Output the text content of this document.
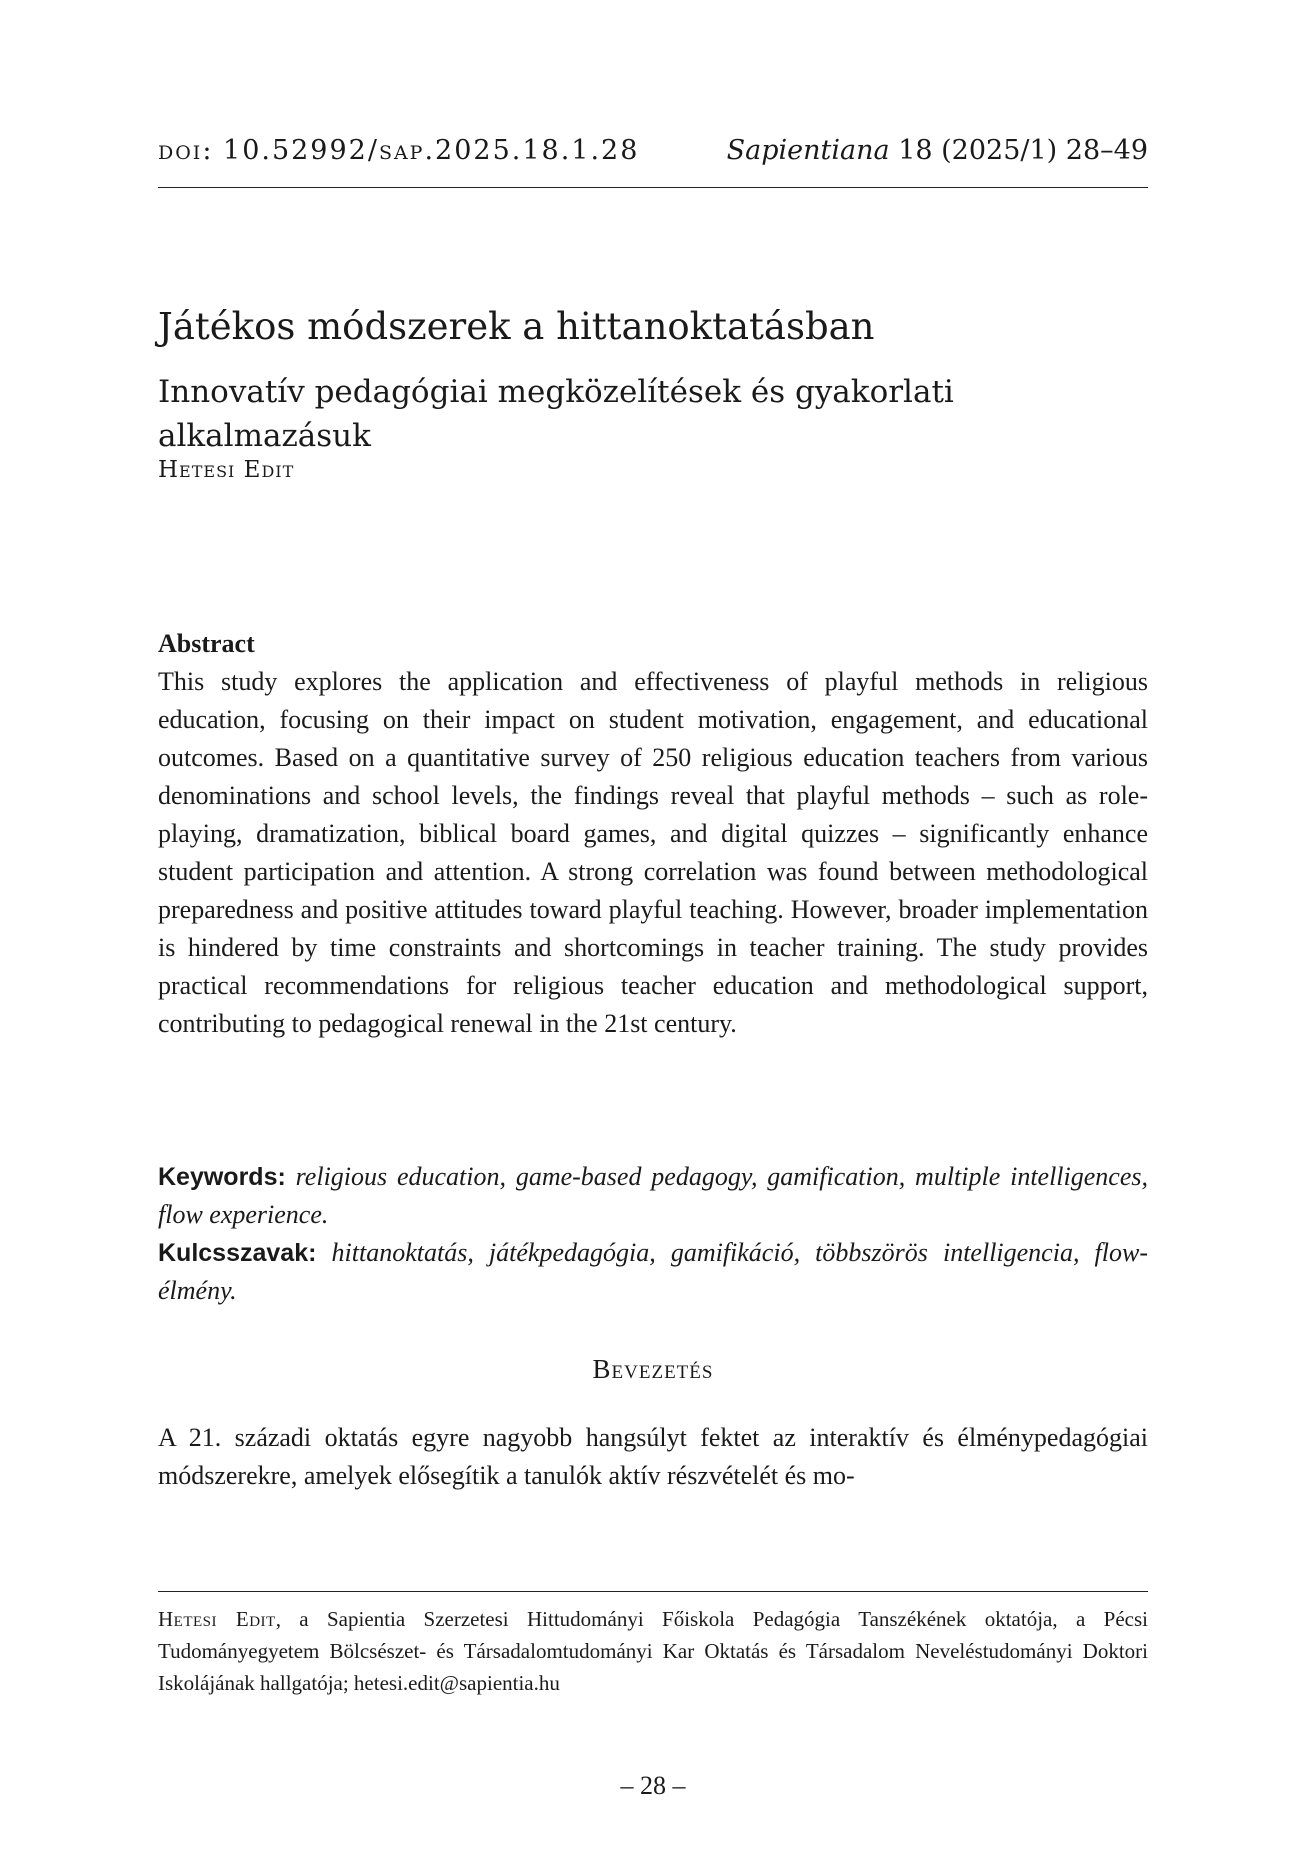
doi: 10.52992/sap.2025.18.1.28	Sapientiana 18 (2025/1) 28–49
Játékos módszerek a hittanoktatásban
Innovatív pedagógiai megközelítések és gyakorlati alkalmazásuk
Hetesi Edit
Abstract

This study explores the application and effectiveness of playful methods in religious education, focusing on their impact on student motivation, engagement, and educational outcomes. Based on a quantitative survey of 250 religious education teachers from various denominations and school levels, the findings reveal that playful methods – such as role-playing, dramatization, biblical board games, and digital quizzes – significantly enhance student participation and attention. A strong correlation was found between methodological preparedness and positive attitudes toward playful teaching. However, broader implementation is hindered by time constraints and shortcomings in teacher training. The study provides practical recommendations for religious teacher education and methodological support, contributing to pedagogical renewal in the 21st century.

Keywords: religious education, game-based pedagogy, gamification, multiple intelligences, flow experience.

Kulcsszavak: hittanoktatás, játékpedagógia, gamifikáció, többszörös intelligencia, flow-élmény.

Bevezetés

A 21. századi oktatás egyre nagyobb hangsúlyt fektet az interaktív és élménypedagógiai módszerekre, amelyek elősegítik a tanulók aktív részvételét és mo-

Hetesi Edit, a Sapientia Szerzetesi Hittudományi Főiskola Pedagógia Tanszékének oktatója, a Pécsi Tudományegyetem Bölcsészet- és Társadalomtudományi Kar Oktatás és Társadalom Neveléstudományi Doktori Iskolájának hallgatója; hetesi.edit@sapientia.hu

– 28 –
